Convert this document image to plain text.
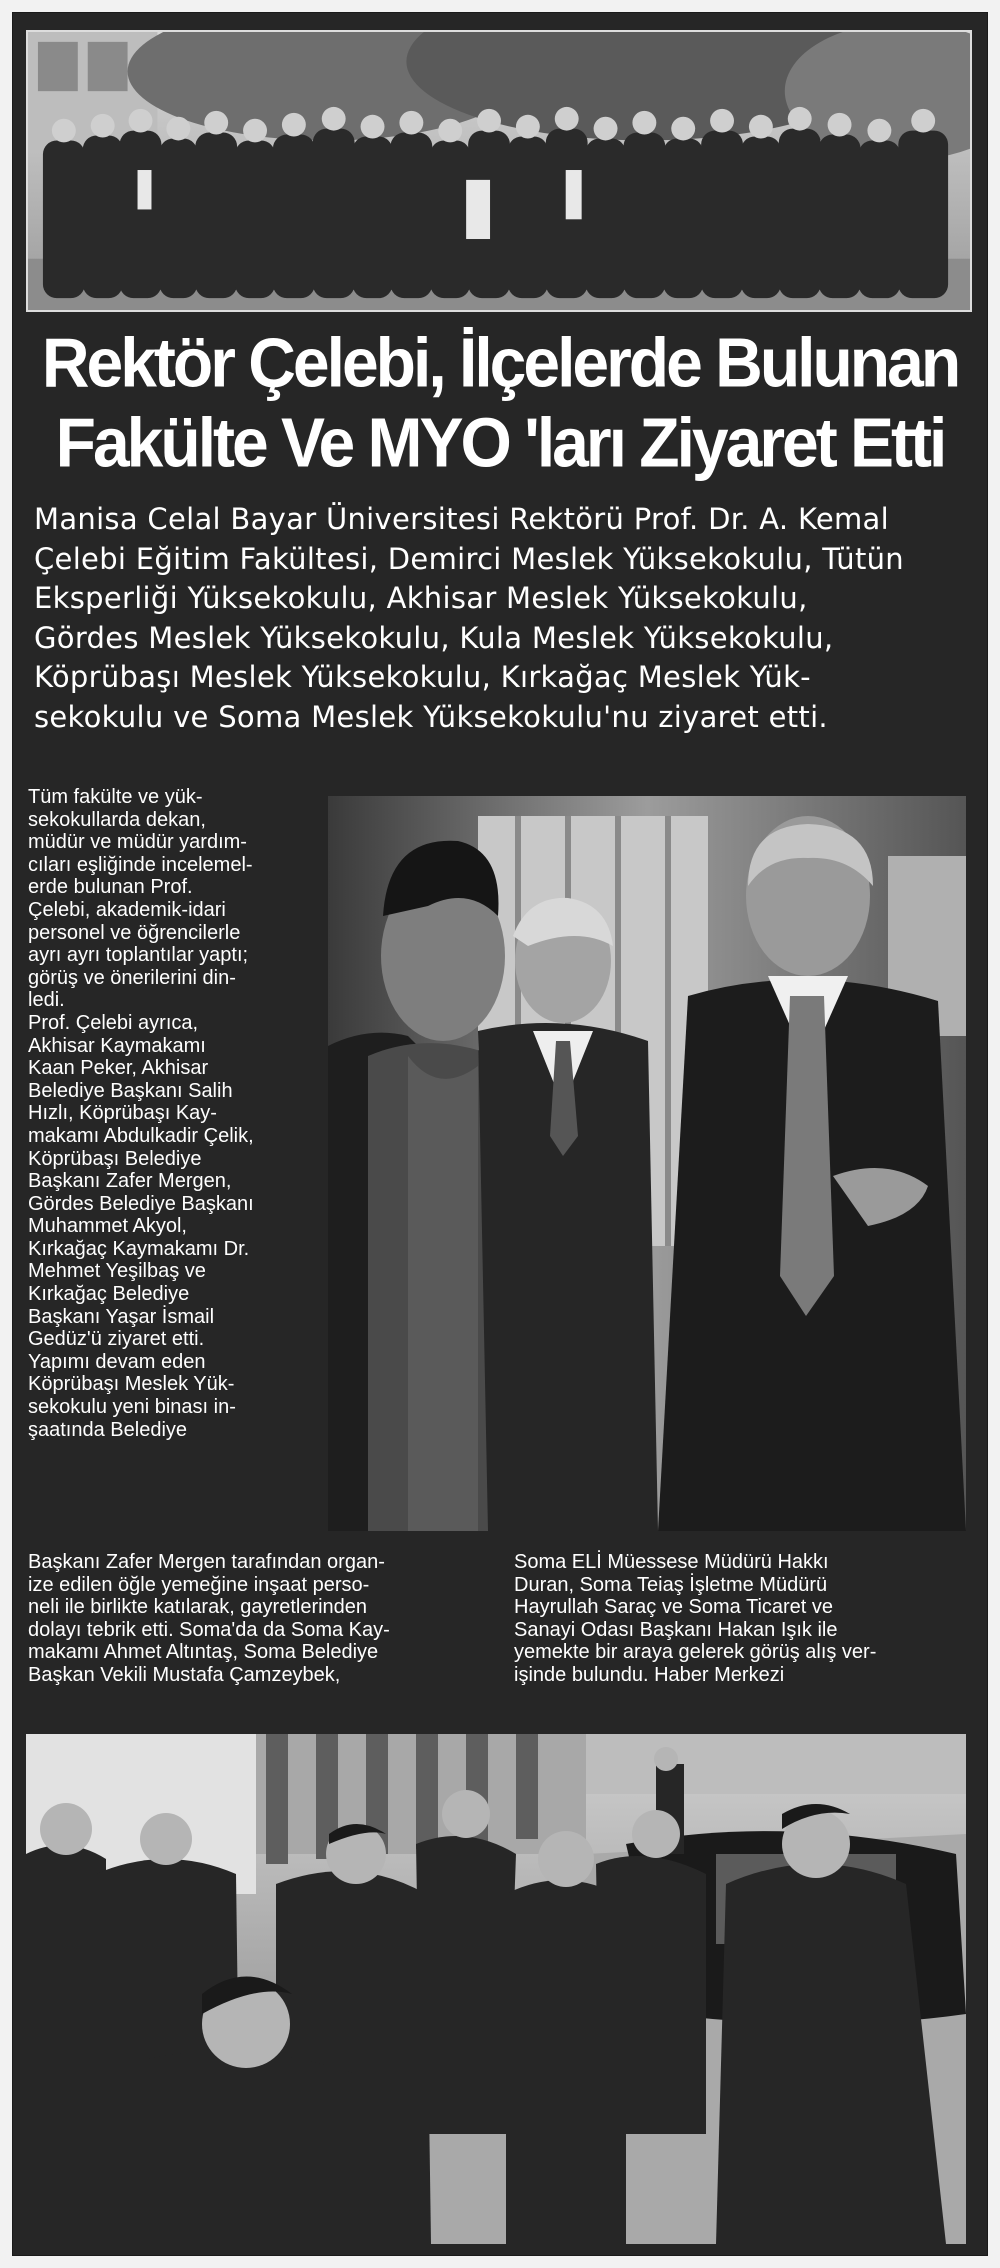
Rektör Çelebi, İlçelerde Bulunan
Fakülte Ve MYO 'ları Ziyaret Etti

Manisa Celal Bayar Üniversitesi Rektörü Prof. Dr. A. Kemal
Çelebi Eğitim Fakültesi, Demirci Meslek Yüksekokulu, Tütün
Eksperliği Yüksekokulu, Akhisar Meslek Yüksekokulu,
Gördes Meslek Yüksekokulu, Kula Meslek Yüksekokulu,
Köprübaşı Meslek Yüksekokulu, Kırkağaç Meslek Yük-
sekokulu ve Soma Meslek Yüksekokulu'nu ziyaret etti.

Tüm fakülte ve yük-
sekokullarda dekan,
müdür ve müdür yardım-
cıları eşliğinde incelemel-
erde bulunan Prof.
Çelebi, akademik-idari
personel ve öğrencilerle
ayrı ayrı toplantılar yaptı;
görüş ve önerilerini din-
ledi.
Prof. Çelebi ayrıca,
Akhisar Kaymakamı
Kaan Peker, Akhisar
Belediye Başkanı Salih
Hızlı, Köprübaşı Kay-
makamı Abdulkadir Çelik,
Köprübaşı Belediye
Başkanı Zafer Mergen,
Gördes Belediye Başkanı
Muhammet Akyol,
Kırkağaç Kaymakamı Dr.
Mehmet Yeşilbaş ve
Kırkağaç Belediye
Başkanı Yaşar İsmail
Gedüz'ü ziyaret etti.
Yapımı devam eden
Köprübaşı Meslek Yük-
sekokulu yeni binası in-
şaatında Belediye

Başkanı Zafer Mergen tarafından organ-
ize edilen öğle yemeğine inşaat perso-
neli ile birlikte katılarak, gayretlerinden
dolayı tebrik etti. Soma'da da Soma Kay-
makamı Ahmet Altıntaş, Soma Belediye
Başkan Vekili Mustafa Çamzeybek,

Soma ELİ Müessese Müdürü Hakkı
Duran, Soma Teiaş İşletme Müdürü
Hayrullah Saraç ve Soma Ticaret ve
Sanayi Odası Başkanı Hakan Işık ile
yemekte bir araya gelerek görüş alış ver-
işinde bulundu. Haber Merkezi
